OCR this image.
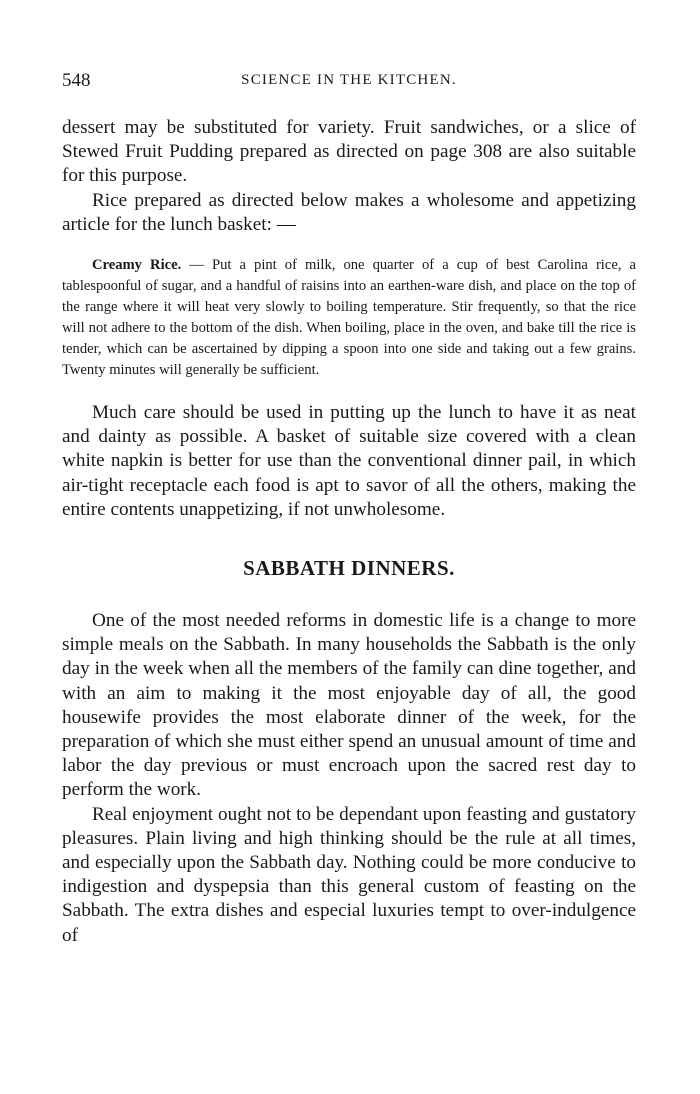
548	SCIENCE IN THE KITCHEN.

dessert may be substituted for variety. Fruit sandwiches, or a slice of Stewed Fruit Pudding prepared as directed on page 308 are also suitable for this purpose.

Rice prepared as directed below makes a wholesome and appetizing article for the lunch basket: —

Creamy Rice. — Put a pint of milk, one quarter of a cup of best Carolina rice, a tablespoonful of sugar, and a handful of raisins into an earthen-ware dish, and place on the top of the range where it will heat very slowly to boiling temperature. Stir frequently, so that the rice will not adhere to the bottom of the dish. When boiling, place in the oven, and bake till the rice is tender, which can be ascertained by dipping a spoon into one side and taking out a few grains. Twenty minutes will generally be sufficient.

Much care should be used in putting up the lunch to have it as neat and dainty as possible. A basket of suitable size covered with a clean white napkin is better for use than the conventional dinner pail, in which air-tight receptacle each food is apt to savor of all the others, making the entire contents unappetizing, if not unwholesome.

SABBATH DINNERS.

One of the most needed reforms in domestic life is a change to more simple meals on the Sabbath. In many households the Sabbath is the only day in the week when all the members of the family can dine together, and with an aim to making it the most enjoyable day of all, the good housewife provides the most elaborate dinner of the week, for the preparation of which she must either spend an unusual amount of time and labor the day previous or must encroach upon the sacred rest day to perform the work.

Real enjoyment ought not to be dependant upon feasting and gustatory pleasures. Plain living and high thinking should be the rule at all times, and especially upon the Sabbath day. Nothing could be more conducive to indigestion and dyspepsia than this general custom of feasting on the Sabbath. The extra dishes and especial luxuries tempt to over-indulgence of
